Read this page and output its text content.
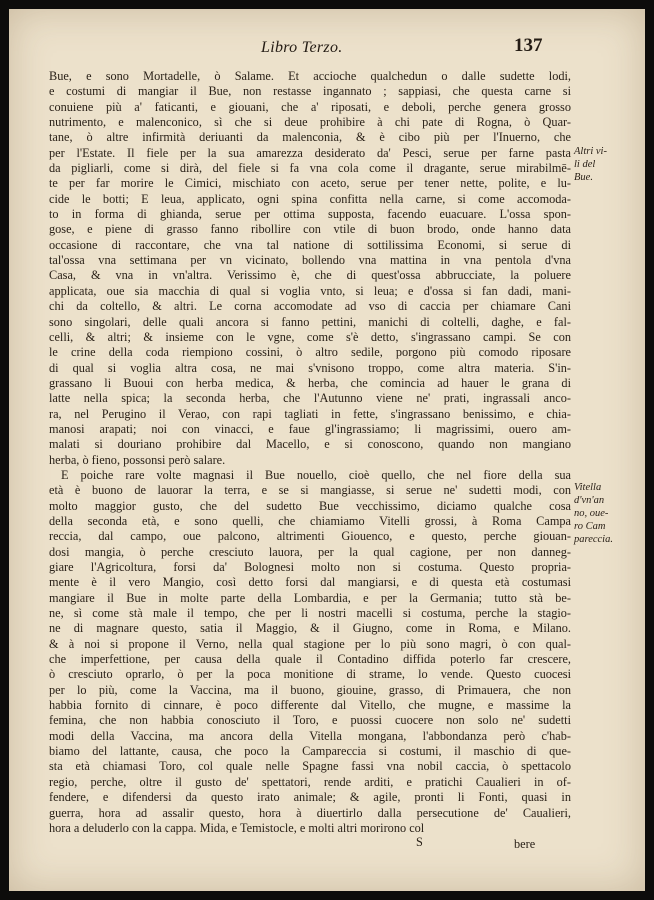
Libro Terzo.	137
Bue, e sono Mortadelle, ò Salame. Et accioche qualchedun o dalle sudette lodi,
e costumi di mangiar il Bue, non restasse ingannato ; sappiasi, che questa carne si
conuiene più a' faticanti, e giouani, che a' riposati, e deboli, perche genera grosso
nutrimento, e malenconico, sì che si deue prohibire à chi pate di Rogna, ò Quar-
tane, ò altre infirmità deriuanti da malenconia, & è cibo più per l'Inuerno, che
per l'Estate. Il fiele per la sua amarezza desiderato da' Pesci, serue per farne pasta
da pigliarli, come si dirà, del fiele si fa vna cola come il dragante, serue mirabilmē-
te per far morire le Cimici, mischiato con aceto, serue per tener nette, polite, e lu-
cide le botti; E leua, applicato, ogni spina confitta nella carne, si come accomoda-
to in forma di ghianda, serue per ottima supposta, facendo euacuare. L'ossa spon-
gose, e piene di grasso fanno ribollire con vtile di buon brodo, onde hanno data
occasione di raccontare, che vna tal natione di sottilissima Economi, si serue di
tal'ossa vna settimana per vn vicinato, bollendo vna mattina in vna pentola d'vna
Casa, & vna in vn'altra. Verissimo è, che di quest'ossa abbrucciate, la poluere
applicata, oue sia macchia di qual si voglia vnto, si leua; e d'ossa si fan dadi, mani-
chi da coltello, & altri. Le corna accomodate ad vso di caccia per chiamare Cani
sono singolari, delle quali ancora si fanno pettini, manichi di coltelli, daghe, e fal-
celli, & altri; & insieme con le vgne, come s'è detto, s'ingrassano campi. Se con
le crine della coda riempiono cossini, ò altro sedile, porgono più comodo riposare
di qual si voglia altra cosa, ne mai s'vnisono troppo, come altra materia. S'in-
grassano li Buoui con herba medica, & herba, che comincia ad hauer le grana di
latte nella spica; la seconda herba, che l'Autunno viene ne' prati, ingrassali anco-
ra, nel Perugino il Verao, con rapi tagliati in fette, s'ingrassano benissimo, e chia-
manosi arapati; noi con vinacci, e faue gl'ingrassiamo; li magrissimi, ouero am-
malati si dourianο prohibire dal Macello, e si conoscono, quando non mangiano
herba, ò fieno, possonsi però salare.
E poiche rare volte magnasi il Bue nouello, cioè quello, che nel fiore della sua
età è buono de lauorar la terra, e se si mangiasse, si serue ne' sudetti modi, con
molto maggior gusto, che del sudetto Bue vecchissimo, diciamo qualche cosa
della seconda età, e sono quelli, che chiamiamo Vitelli grossi, à Roma Campa
reccia, dal campo, oue palcono, altrimenti Giouenco, e questo, perche giouan-
dosi mangia, ò perche cresciuto lauora, per la qual cagione, per non danneg-
giare l'Agricoltura, forsi da' Bolognesi molto non si costuma. Questo propria-
mente è il vero Mangio, così detto forsi dal mangiarsi, e di questa età costumasi
mangiare il Bue in molte parte della Lombardia, e per la Germania; tutto stà be-
ne, sì come stà male il tempo, che per li nostri macelli si costuma, perche la stagio-
ne di magnare questo, satia il Maggio, & il Giugno, come in Roma, e Milano.
& à noi si propone il Verno, nella qual stagione per lo più sono magri, ò con qual-
che imperfettione, per causa della quale il Contadino diffida poterlo far crescere,
ò cresciuto oprarlo, ò per la poca monitione di strame, lo vende. Questo cuocesi
per lo più, come la Vaccina, ma il buono, giouine, grasso, di Primauera, che non
habbia fornito di cinnare, è poco differente dal Vitello, che mugne, e massime la
femina, che non habbia conosciuto il Toro, e puossi cuocere non solo ne' sudetti
modi della Vaccina, ma ancora della Vitella mongana, l'abbondanza però c'hab-
biamo del lattante, causa, che poco la Campareccia si costumi, il maschio di que-
sta età chiamasi Toro, col quale nelle Spagne fassi vna nobil caccia, ò spettacolo
regio, perche, oltre il gusto de' spettatori, rende arditi, e pratichi Caualieri in of-
fendere, e difendersi da questo irato animale; & agile, pronti li Fonti, quasi in
guerra, hora ad assalir questo, hora à diuertirlo dalla persecutione de' Caualieri,
hora a deluderlo con la cappa. Mida, e Temistocle, e molti altri morirono col
Altri vi-
li del
Bue.
Vitella
d'vn'an
no, oue-
ro Cam
pareccia.
S	bere
